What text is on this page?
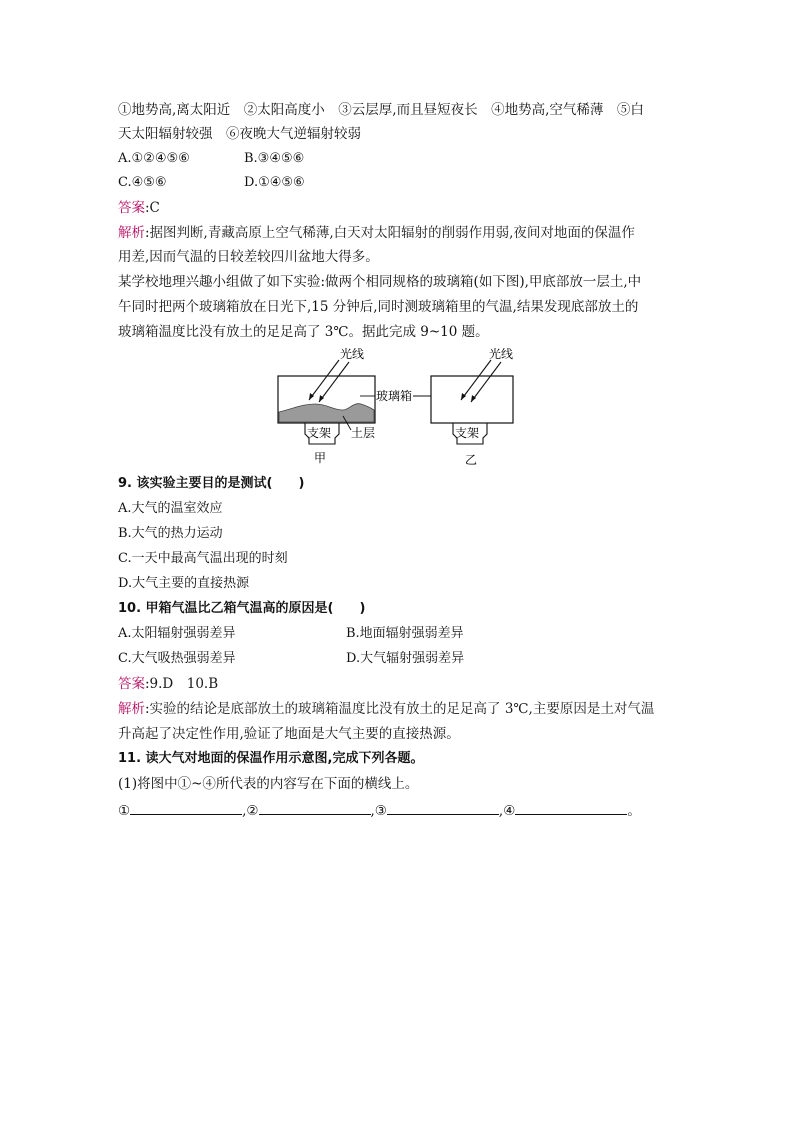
①地势高,离太阳近　②太阳高度小　③云层厚,而且昼短夜长　④地势高,空气稀薄　⑤白
天太阳辐射较强　⑥夜晚大气逆辐射较弱
A.①②④⑤⑥	B.③④⑤⑥
C.④⑤⑥	D.①④⑤⑥
答案:C
解析:据图判断,青藏高原上空气稀薄,白天对太阳辐射的削弱作用弱,夜间对地面的保温作
用差,因而气温的日较差较四川盆地大得多。
某学校地理兴趣小组做了如下实验:做两个相同规格的玻璃箱(如下图),甲底部放一层土,中
午同时把两个玻璃箱放在日光下,15 分钟后,同时测玻璃箱里的气温,结果发现底部放土的
玻璃箱温度比没有放土的足足高了 3℃。据此完成 9~10 题。
光线
支架 土层
甲
玻璃箱
光线
支架
乙
9. 该实验主要目的是测试(　　)
A.大气的温室效应
B.大气的热力运动
C.一天中最高气温出现的时刻
D.大气主要的直接热源
10. 甲箱气温比乙箱气温高的原因是(　　)
A.太阳辐射强弱差异	B.地面辐射强弱差异
C.大气吸热强弱差异	D.大气辐射强弱差异
答案:9.D　10.B
解析:实验的结论是底部放土的玻璃箱温度比没有放土的足足高了 3℃,主要原因是土对气温
升高起了决定性作用,验证了地面是大气主要的直接热源。
11. 读大气对地面的保温作用示意图,完成下列各题。
(1)将图中①~④所代表的内容写在下面的横线上。
①	,②	,③	,④	。
